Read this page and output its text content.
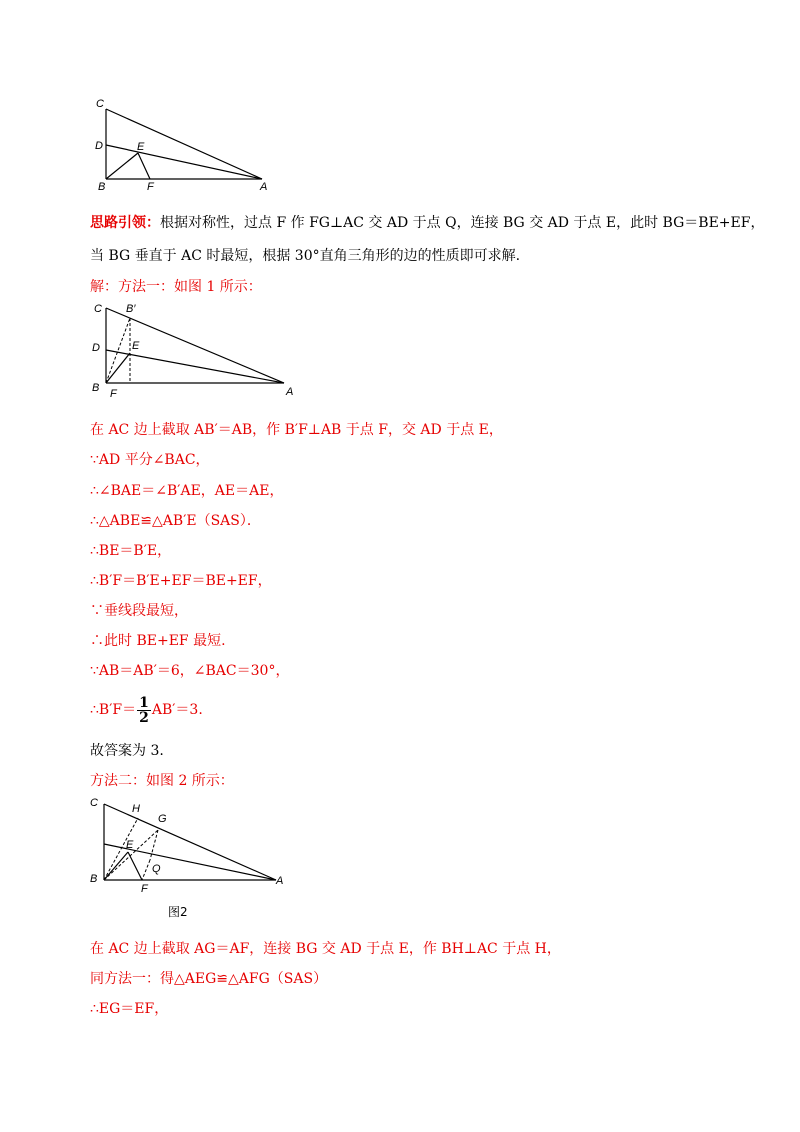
C
D	E
B	F	A
思路引领：根据对称性，过点 F 作 FG⊥AC 交 AD 于点 Q，连接 BG 交 AD 于点 E，此时 BG＝BE+EF，
当 BG 垂直于 AC 时最短，根据 30°直角三角形的边的性质即可求解.
解：方法一：如图 1 所示：
C B′
D	E
B F	A
在 AC 边上截取 AB′＝AB，作 B′F⊥AB 于点 F，交 AD 于点 E，
∵AD 平分∠BAC，
∴∠BAE＝∠B′AE，AE＝AE，
∴△ABE≌△AB′E（SAS）．
∴BE＝B′E，
∴B′F＝B′E+EF＝BE+EF，
∵垂线段最短，
∴此时 BE+EF 最短.
∵AB＝AB′＝6，∠BAC＝30°，
∴B′F＝ $\frac{1}{2} AB'=3$.
故答案为 3.
方法二：如图 2 所示：
C	H
G
E
Q
B
F
A
图2
在 AC 边上截取 AG＝AF，连接 BG 交 AD 于点 E，作 BH⊥AC 于点 H，
同方法一：得△AEG≌△AFG（SAS）
∴EG＝EF，
